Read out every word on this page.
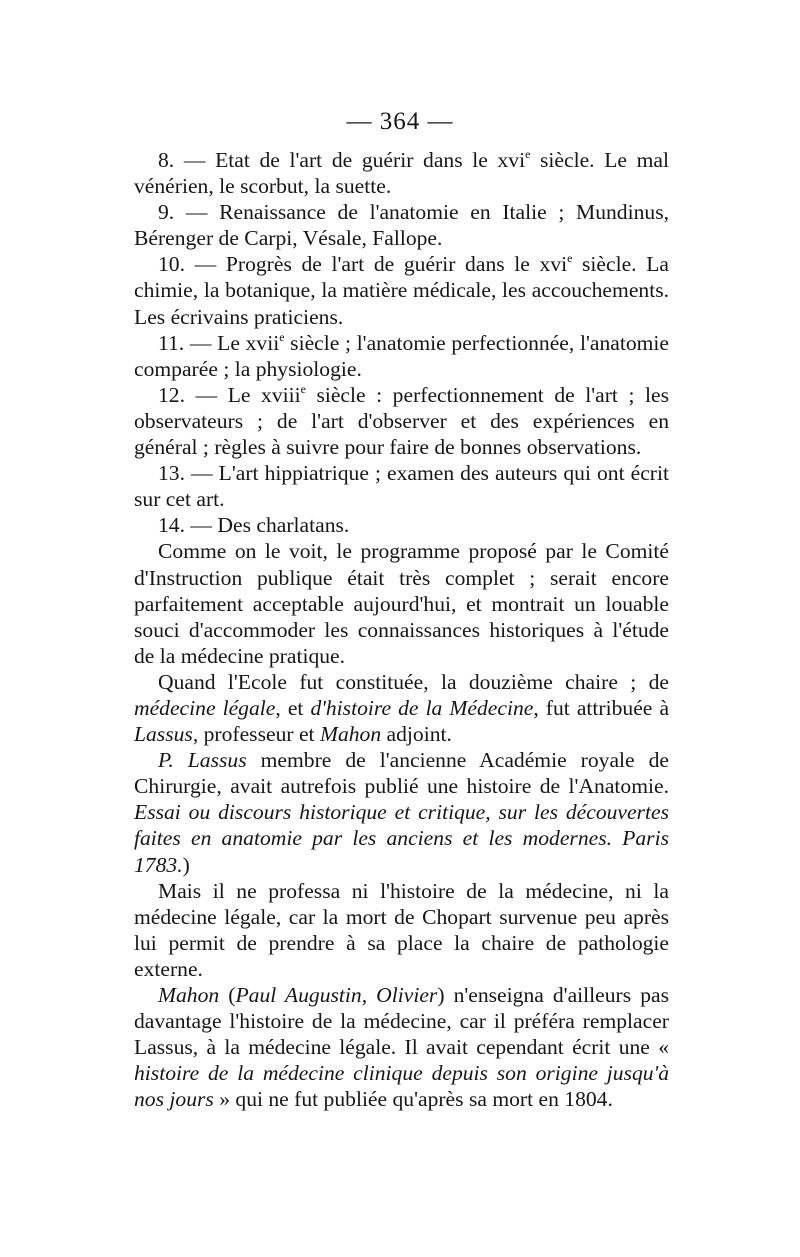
— 364 —

8. — Etat de l'art de guérir dans le xvi$^e$ siècle. Le mal vénérien, le scorbut, la suette.

9. — Renaissance de l'anatomie en Italie ; Mundinus, Bérenger de Carpi, Vésale, Fallope.

10. — Progrès de l'art de guérir dans le xvi$^e$ siècle. La chimie, la botanique, la matière médicale, les accouchements. Les écrivains praticiens.

11. — Le xvii$^e$ siècle ; l'anatomie perfectionnée, l'anatomie comparée ; la physiologie.

12. — Le xviii$^e$ siècle : perfectionnement de l'art ; les observateurs ; de l'art d'observer et des expériences en général ; règles à suivre pour faire de bonnes observations.

13. — L'art hippiatrique ; examen des auteurs qui ont écrit sur cet art.

14. — Des charlatans.

Comme on le voit, le programme proposé par le Comité d'Instruction publique était très complet ; serait encore parfaitement acceptable aujourd'hui, et montrait un louable souci d'accommoder les connaissances historiques à l'étude de la médecine pratique.

Quand l'Ecole fut constituée, la douzième chaire ; de médecine légale, et d'histoire de la Médecine, fut attribuée à Lassus, professeur et Mahon adjoint.

P. Lassus membre de l'ancienne Académie royale de Chirurgie, avait autrefois publié une histoire de l'Anatomie. Essai ou discours historique et critique, sur les découvertes faites en anatomie par les anciens et les modernes. Paris 1783.)

Mais il ne professa ni l'histoire de la médecine, ni la médecine légale, car la mort de Chopart survenue peu après lui permit de prendre à sa place la chaire de pathologie externe.

Mahon (Paul Augustin, Olivier) n'enseigna d'ailleurs pas davantage l'histoire de la médecine, car il préféra remplacer Lassus, à la médecine légale. Il avait cependant écrit une « histoire de la médecine clinique depuis son origine jusqu'à nos jours » qui ne fut publiée qu'après sa mort en 1804.
